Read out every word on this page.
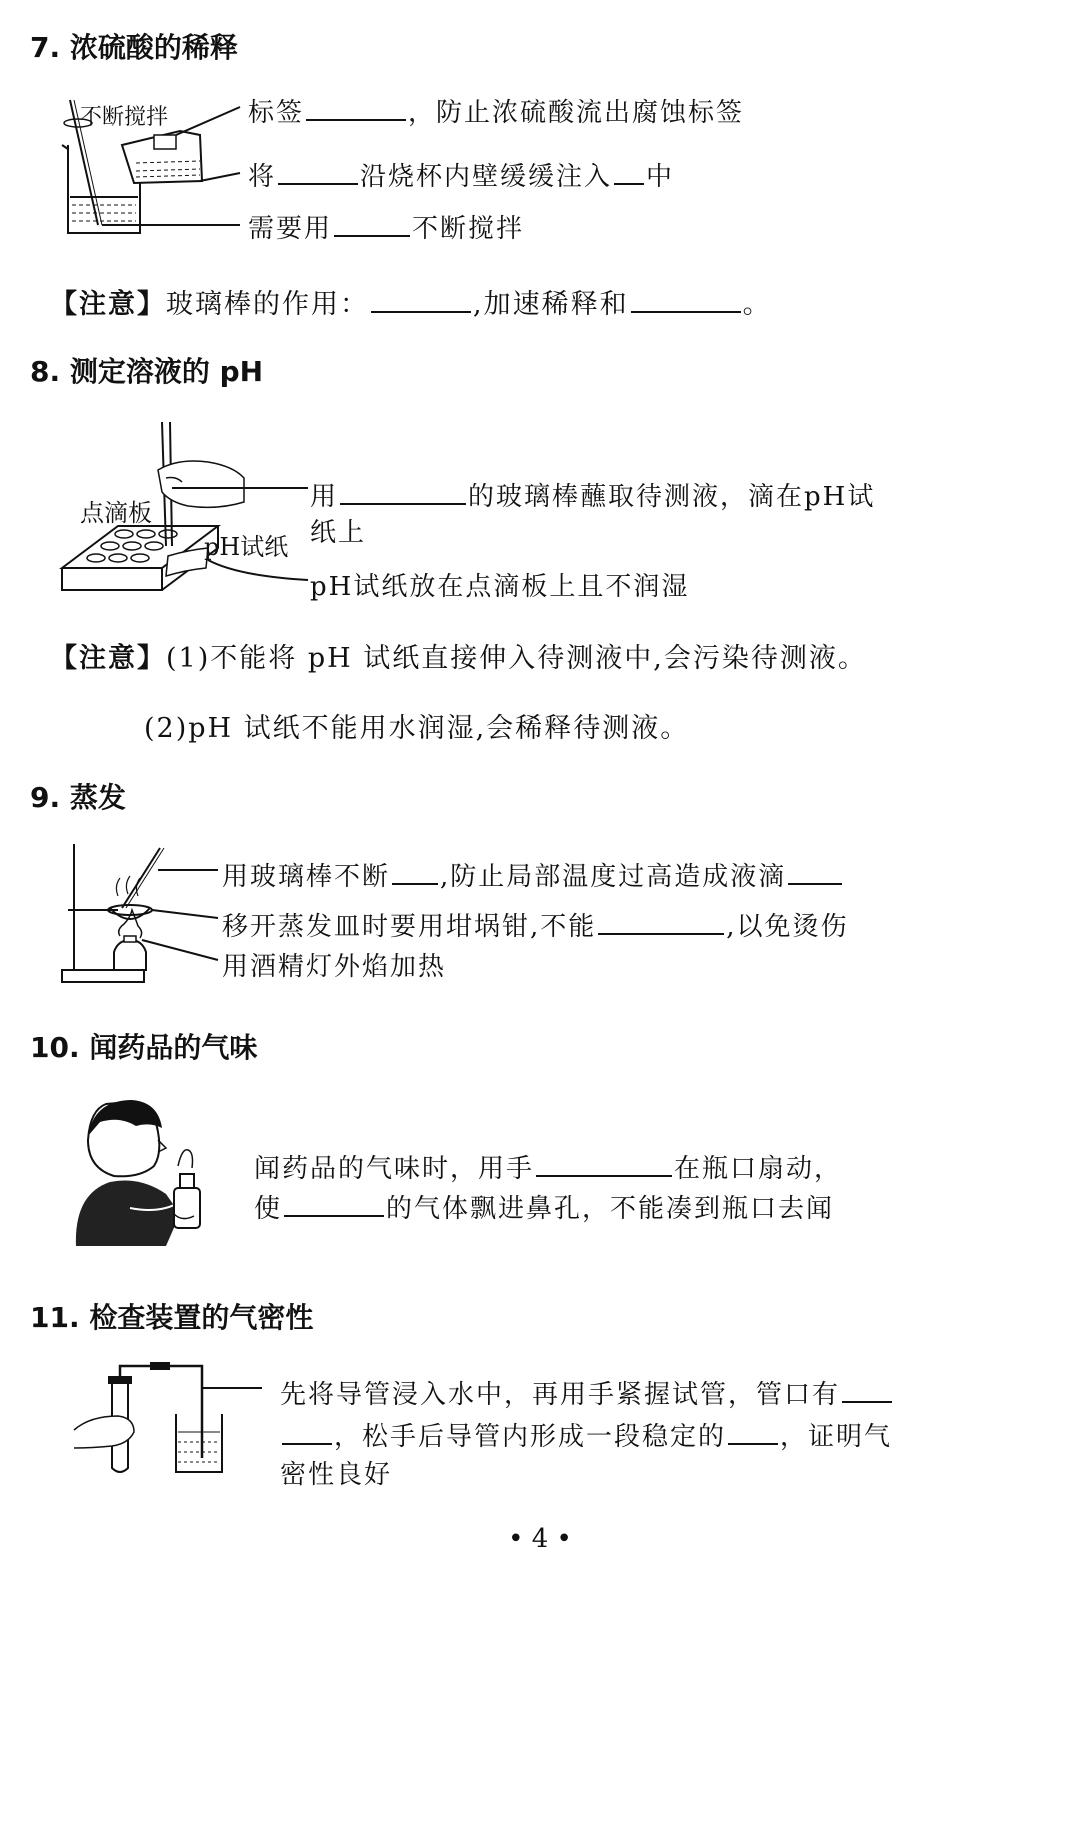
7. 浓硫酸的稀释
不断搅拌	标签	，防止浓硫酸流出腐蚀标签
将	沿烧杯内壁缓缓注入 中
需要用	不断搅拌
【注意】玻璃棒的作用：	,加速稀释和	。
8. 测定溶液的 pH
点滴板
pH试纸
用	的玻璃棒蘸取待测液，滴在pH试
纸上
pH试纸放在点滴板上且不润湿
【注意】(1)不能将 pH 试纸直接伸入待测液中,会污染待测液。
(2)pH 试纸不能用水润湿,会稀释待测液。
9. 蒸发
用玻璃棒不断 ,防止局部温度过高造成液滴
移开蒸发皿时要用坩埚钳,不能	,以免烫伤
用酒精灯外焰加热
10. 闻药品的气味
闻药品的气味时，用手	在瓶口扇动，
使	的气体飘进鼻孔，不能凑到瓶口去闻
11. 检查装置的气密性
先将导管浸入水中，再用手紧握试管，管口有
，松手后导管内形成一段稳定的 ，证明气
密性良好
• 4 •
